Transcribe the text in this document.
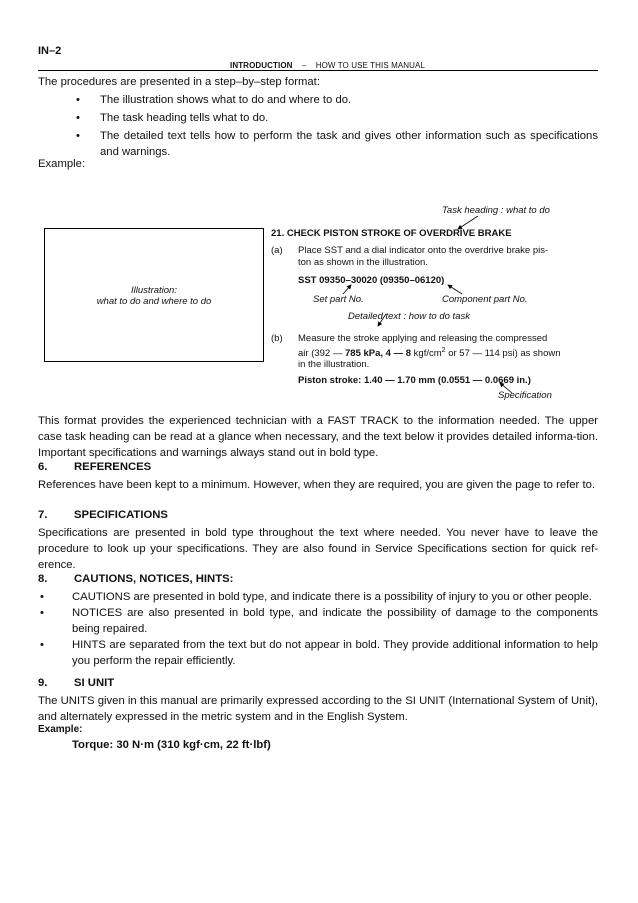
IN–2
INTRODUCTION – HOW TO USE THIS MANUAL
The procedures are presented in a step–by–step format:
• The illustration shows what to do and where to do.
• The task heading tells what to do.
• The detailed text tells how to perform the task and gives other information such as specifications and warnings.
Example:
Task heading : what to do
Illustration:
what to do and where to do
21. CHECK PISTON STROKE OF OVERDRIVE BRAKE
(a) Place SST and a dial indicator onto the overdrive brake pis-
ton as shown in the illustration.
SST 09350–30020 (09350–06120)
Set part No.	Component part No.
Detailed text : how to do task
(b) Measure the stroke applying and releasing the compressed
air (392 — 785 kPa, 4 — 8 kgf/$cm^2$ or 57 — 114 psi) as shown
in the illustration.
Piston stroke: 1.40 — 1.70 mm (0.0551 — 0.0669 in.)
Specification
This format provides the experienced technician with a FAST TRACK to the information needed. The upper case task heading can be read at a glance when necessary, and the text below it provides detailed informa-tion. Important specifications and warnings always stand out in bold type.
6. REFERENCES
References have been kept to a minimum. However, when they are required, you are given the page to refer to.
7. SPECIFICATIONS
Specifications are presented in bold type throughout the text where needed. You never have to leave the procedure to look up your specifications. They are also found in Service Specifications section for quick ref-erence.
8. CAUTIONS, NOTICES, HINTS:
• CAUTIONS are presented in bold type, and indicate there is a possibility of injury to you or other people.
• NOTICES are also presented in bold type, and indicate the possibility of damage to the components being repaired.
• HINTS are separated from the text but do not appear in bold. They provide additional information to help you perform the repair efficiently.
9. SI UNIT
The UNITS given in this manual are primarily expressed according to the SI UNIT (International System of Unit), and alternately expressed in the metric system and in the English System.
Example:
Torque: 30 N·m (310 kgf·cm, 22 ft·lbf)
